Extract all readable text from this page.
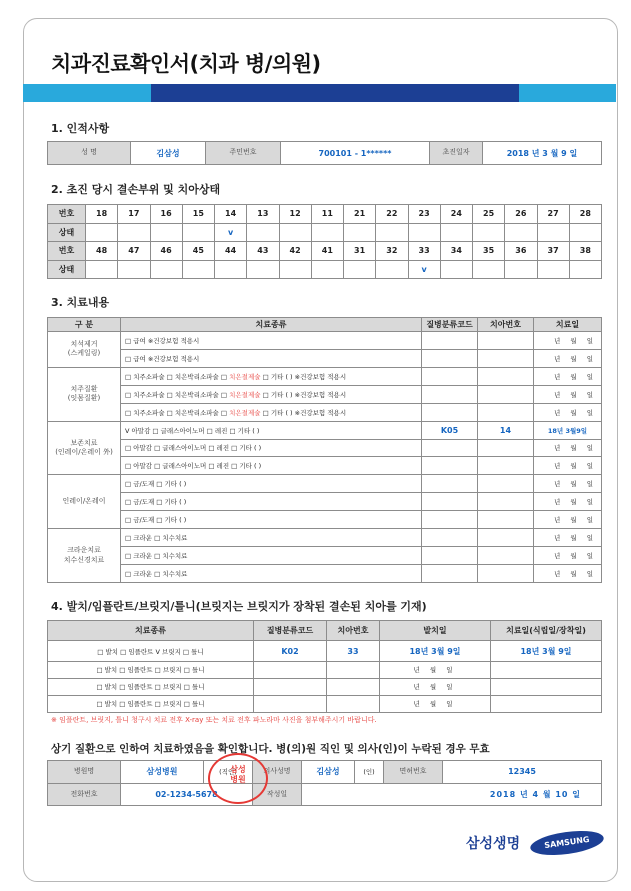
치과진료확인서(치과 병/의원)

1. 인적사항

성 명	김삼성	주민번호	700101 - 1******	초진일자	2018 년 3 월 9 일

2. 초진 당시 결손부위 및 치아상태

번호	18	17	16	15	14	13	12	11	21	22	23	24	25	26	27	28
상태					v											
번호	48	47	46	45	44	43	42	41	31	32	33	34	35	36	37	38
상태											v					

3. 치료내용

구 분	치료종류	질병분류코드	치아번호	치료일
치석제거
(스케일링)	□ 급여 ※건강보험 적용시			년 월 일
	□ 급여 ※건강보험 적용시			년 월 일
치주질환
(잇몸질환)	□ 치주소파술 □ 치은박리소파술 □ 치은절제술 □ 기타 ( ) ※건강보험 적용시			년 월 일
	□ 치주소파술 □ 치은박리소파술 □ 치은절제술 □ 기타 ( ) ※건강보험 적용시			년 월 일
	□ 치주소파술 □ 치은박리소파술 □ 치은절제술 □ 기타 ( ) ※건강보험 적용시			년 월 일
보존치료
(인레이/온레이 外)	V 아말감 □ 글래스아이노머 □ 레진 □ 기타 ( )	K05	14	18년 3월9일
	□ 아말감 □ 글래스아이노머 □ 레진 □ 기타 ( )			년 월 일
	□ 아말감 □ 글래스아이노머 □ 레진 □ 기타 ( )			년 월 일
인레이/온레이	□ 금/도재 □ 기타 ( )			년 월 일
	□ 금/도재 □ 기타 ( )			년 월 일
	□ 금/도재 □ 기타 ( )			년 월 일
크라운치료
치수신경치료	□ 크라운 □ 치수치료			년 월 일
	□ 크라운 □ 치수치료			년 월 일
	□ 크라운 □ 치수치료			년 월 일

4. 발치/임플란트/브릿지/틀니(브릿지는 브릿지가 장착된 결손된 치아를 기재)

치료종류	질병분류코드	치아번호	발치일	치료일(식립일/장착일)
□ 발치 □ 임플란트 V 브릿지 □ 틀니	K02	33	18년 3월 9일	18년 3월 9일
□ 발치 □ 임플란트 □ 브릿지 □ 틀니			년 월 일	
□ 발치 □ 임플란트 □ 브릿지 □ 틀니			년 월 일	
□ 발치 □ 임플란트 □ 브릿지 □ 틀니			년 월 일	

※ 임플란트, 브릿지, 틀니 청구시 치료 전후 X-ray 또는 치료 전후 파노라마 사진을 첨부해주시기 바랍니다.

상기 질환으로 인하여 치료하였음을 확인합니다. 병(의)원 직인 및 의사(인)이 누락된 경우 무효

병원명	삼성병원	(직인)	의사성명	김삼성	(인)	면허번호	12345
전화번호	02-1234-5678		작성일	2018 년 4 월 10 일			
삼성
병원
삼성생명	SAMSUNG
